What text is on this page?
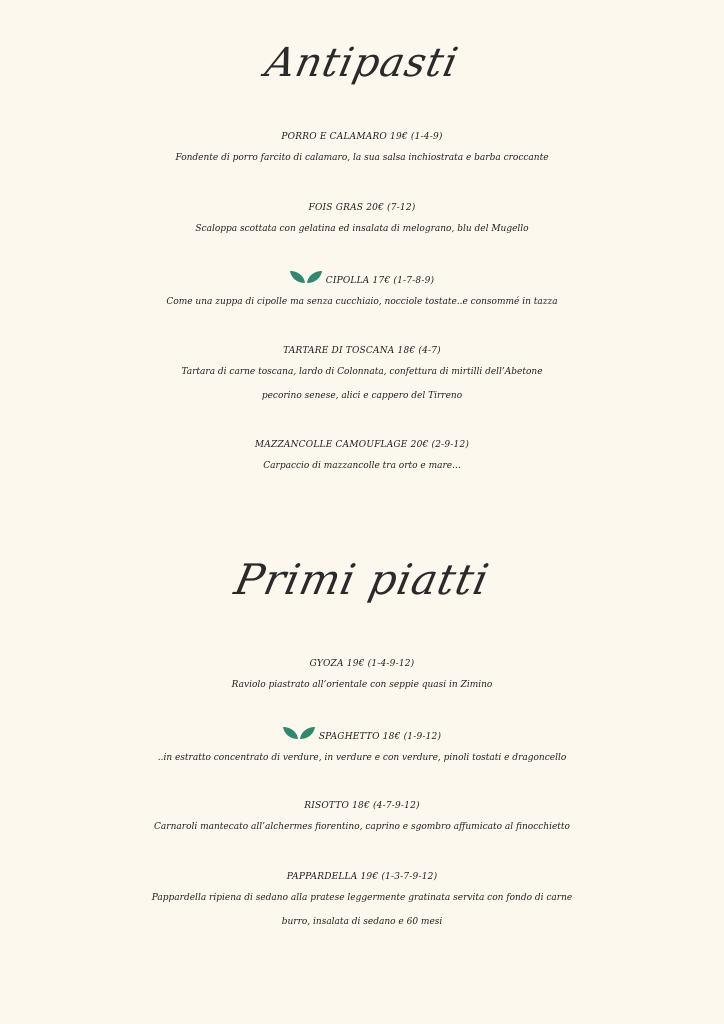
Antipasti
PORRO E CALAMARO 19€ (1-4-9)
Fondente di porro farcito di calamaro, la sua salsa inchiostrata e barba croccante
FOIS GRAS 20€ (7-12)
Scaloppa scottata con gelatina ed insalata di melograno, blu del Mugello
CIPOLLA 17€ (1-7-8-9)
Come una zuppa di cipolle ma senza cucchiaio, nocciole tostate..e consommé in tazza
TARTARE DI TOSCANA 18€ (4-7)
Tartara di carne toscana, lardo di Colonnata, confettura di mirtilli dell’Abetone
pecorino senese, alici e cappero del Tirreno
MAZZANCOLLE CAMOUFLAGE 20€ (2-9-12)
Carpaccio di mazzancolle tra orto e mare...
Primi piatti
GYOZA 19€ (1-4-9-12)
Raviolo piastrato all’orientale con seppie quasi in Zimino
SPAGHETTO 18€ (1-9-12)
..in estratto concentrato di verdure, in verdure e con verdure, pinoli tostati e dragoncello
RISOTTO 18€ (4-7-9-12)
Carnaroli mantecato all’alchermes fiorentino, caprino e sgombro affumicato al finocchietto
PAPPARDELLA 19€ (1-3-7-9-12)
Pappardella ripiena di sedano alla pratese leggermente gratinata servita con fondo di carne
burro, insalata di sedano e 60 mesi
